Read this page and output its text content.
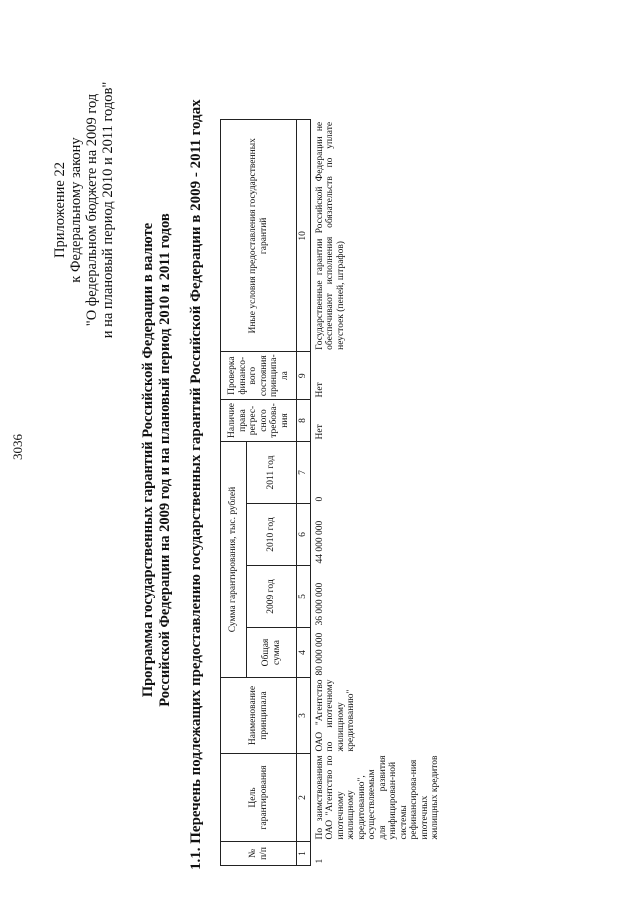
3036
Приложение 22 к Федеральному закону "О федеральном бюджете на 2009 год и на плановый период 2010 и 2011 годов"
Программа государственных гарантий Российской Федерации в валюте Российской Федерации на 2009 год и на плановый период 2010 и 2011 годов 1.1. Перечень подлежащих предоставлению государственных гарантий Российской Федерации в 2009 - 2011 годах	№ п/п	Цель гарантирования	Наименование принципала	Сумма гарантирования, тыс. рублей				Наличие права регрес-сного требова-ния	Проверка финансо-вого состояния принципа-ла	Иные условия предоставления государственных гарантий
			Общая сумма	2009 год	2010 год	2011 год			
1	2	3	4	5	6	7	8	9	10
1	По заимствованиям ОАО "Агентство по ипотечному жилищному кредитованию", осуществляемым для развития унифицирован-ной системы рефинансирова-ния ипотечных жилищных кредитов	ОАО "Агентство по ипотечному жилищному кредитованию"	80 000 000	36 000 000	44 000 000	0	Нет	Нет	Государственные гарантии Российской Федерации не обеспечивают исполнения обязательств по уплате неустоек (пеней, штрафов)
